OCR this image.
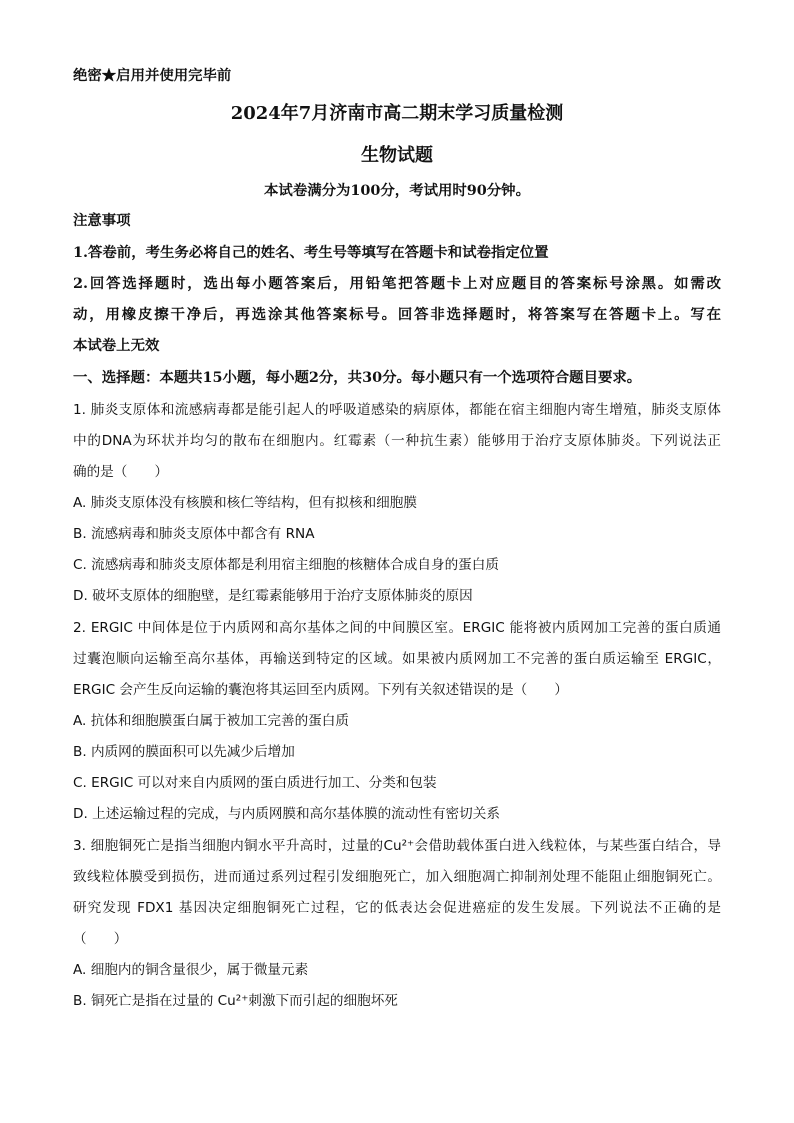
绝密★启用并使用完毕前
2024年7月济南市高二期末学习质量检测
生物试题
本试卷满分为100分，考试用时90分钟。
注意事项
1.答卷前，考生务必将自己的姓名、考生号等填写在答题卡和试卷指定位置
2.回答选择题时，选出每小题答案后，用铅笔把答题卡上对应题目的答案标号涂黑。如需改
动，用橡皮擦干净后，再选涂其他答案标号。回答非选择题时，将答案写在答题卡上。写在
本试卷上无效
一、选择题：本题共15小题，每小题2分，共30分。每小题只有一个选项符合题目要求。
1. 肺炎支原体和流感病毒都是能引起人的呼吸道感染的病原体，都能在宿主细胞内寄生增殖，肺炎支原体
中的DNA为环状并均匀的散布在细胞内。红霉素（一种抗生素）能够用于治疗支原体肺炎。下列说法正
确的是（　　）
A. 肺炎支原体没有核膜和核仁等结构，但有拟核和细胞膜
B. 流感病毒和肺炎支原体中都含有 RNA
C. 流感病毒和肺炎支原体都是利用宿主细胞的核糖体合成自身的蛋白质
D. 破坏支原体的细胞壁，是红霉素能够用于治疗支原体肺炎的原因
2. ERGIC 中间体是位于内质网和高尔基体之间的中间膜区室。ERGIC 能将被内质网加工完善的蛋白质通
过囊泡顺向运输至高尔基体，再输送到特定的区域。如果被内质网加工不完善的蛋白质运输至 ERGIC，
ERGIC 会产生反向运输的囊泡将其运回至内质网。下列有关叙述错误的是（　　）
A. 抗体和细胞膜蛋白属于被加工完善的蛋白质
B. 内质网的膜面积可以先减少后增加
C. ERGIC 可以对来自内质网的蛋白质进行加工、分类和包装
D. 上述运输过程的完成，与内质网膜和高尔基体膜的流动性有密切关系
3. 细胞铜死亡是指当细胞内铜水平升高时，过量的Cu²⁺会借助载体蛋白进入线粒体，与某些蛋白结合，导
致线粒体膜受到损伤，进而通过系列过程引发细胞死亡，加入细胞凋亡抑制剂处理不能阻止细胞铜死亡。
研究发现 FDX1 基因决定细胞铜死亡过程，它的低表达会促进癌症的发生发展。下列说法不正确的是
（　　）
A. 细胞内的铜含量很少，属于微量元素
B. 铜死亡是指在过量的 Cu²⁺刺激下而引起的细胞坏死
